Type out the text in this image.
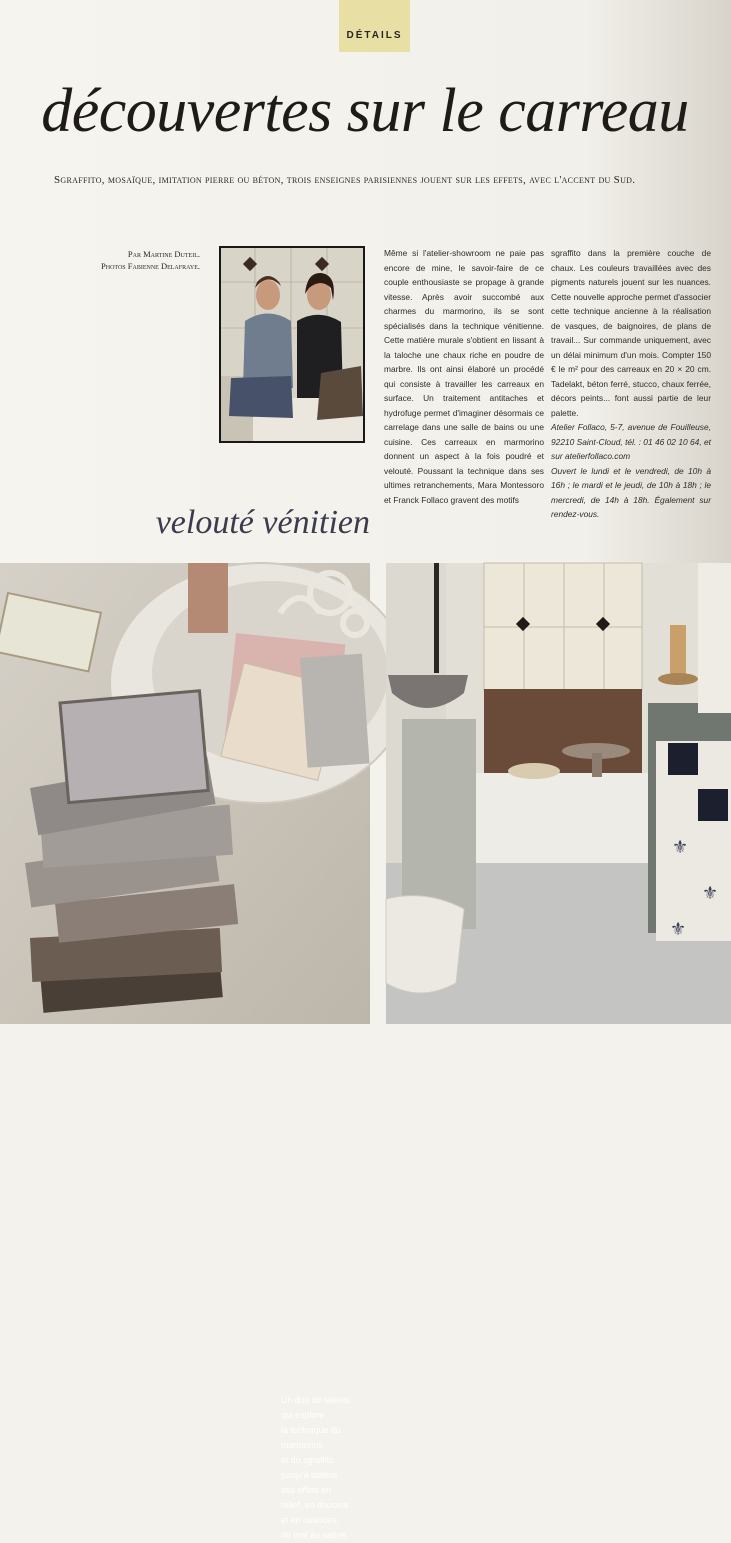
DÉTAILS
découvertes sur le carreau
Sgraffito, mosaïque, imitation pierre ou béton, trois enseignes parisiennes jouent sur les effets, avec l'accent du Sud.
Par Martine Duteil.
Photos Fabienne Delafraye.

Même si l'atelier-showroom ne paie pas encore de mine, le savoir-faire de ce couple enthousiaste se propage à grande vitesse. Après avoir succombé aux charmes du marmorino, ils se sont spécialisés dans la technique vénitienne. Cette matière murale s'obtient en lissant à la taloche une chaux riche en poudre de marbre. Ils ont ainsi élaboré un procédé qui consiste à travailler les carreaux en surface. Un traitement antitaches et hydrofuge permet d'imaginer désormais ce carrelage dans une salle de bains ou une cuisine. Ces carreaux en marmorino donnent un aspect à la fois poudré et velouté. Poussant la technique dans ses ultimes retranchements, Mara Montessoro et Franck Follaco gravent des motifs

sgraffito dans la première couche de chaux. Les couleurs travaillées avec des pigments naturels jouent sur les nuances. Cette nouvelle approche permet d'associer cette technique ancienne à la réalisation de vasques, de baignoires, de plans de travail... Sur commande uniquement, avec un délai minimum d'un mois. Compter 150 € le m² pour des carreaux en 20 × 20 cm. Tadelakt, béton ferré, stucco, chaux ferrée, décors peints... font aussi partie de leur palette.

Atelier Follaco, 5-7, avenue de Fouilleuse, 92210 Saint-Cloud, tél. : 01 46 02 10 64, et sur atelierfollaco.com

Ouvert le lundi et le vendredi, de 10h à 16h ; le mardi et le jeudi, de 10h à 18h ; le mercredi, de 14h à 18h. Également sur rendez-vous.

velouté vénitien
Un duo de talents
qui explore
la technique du
marmorino
et du sgraffito
jusqu'à obtenir
des effets en
relief, en douceur
et en nuances,
du mat au satiné.
⚜
⚜
⚜
